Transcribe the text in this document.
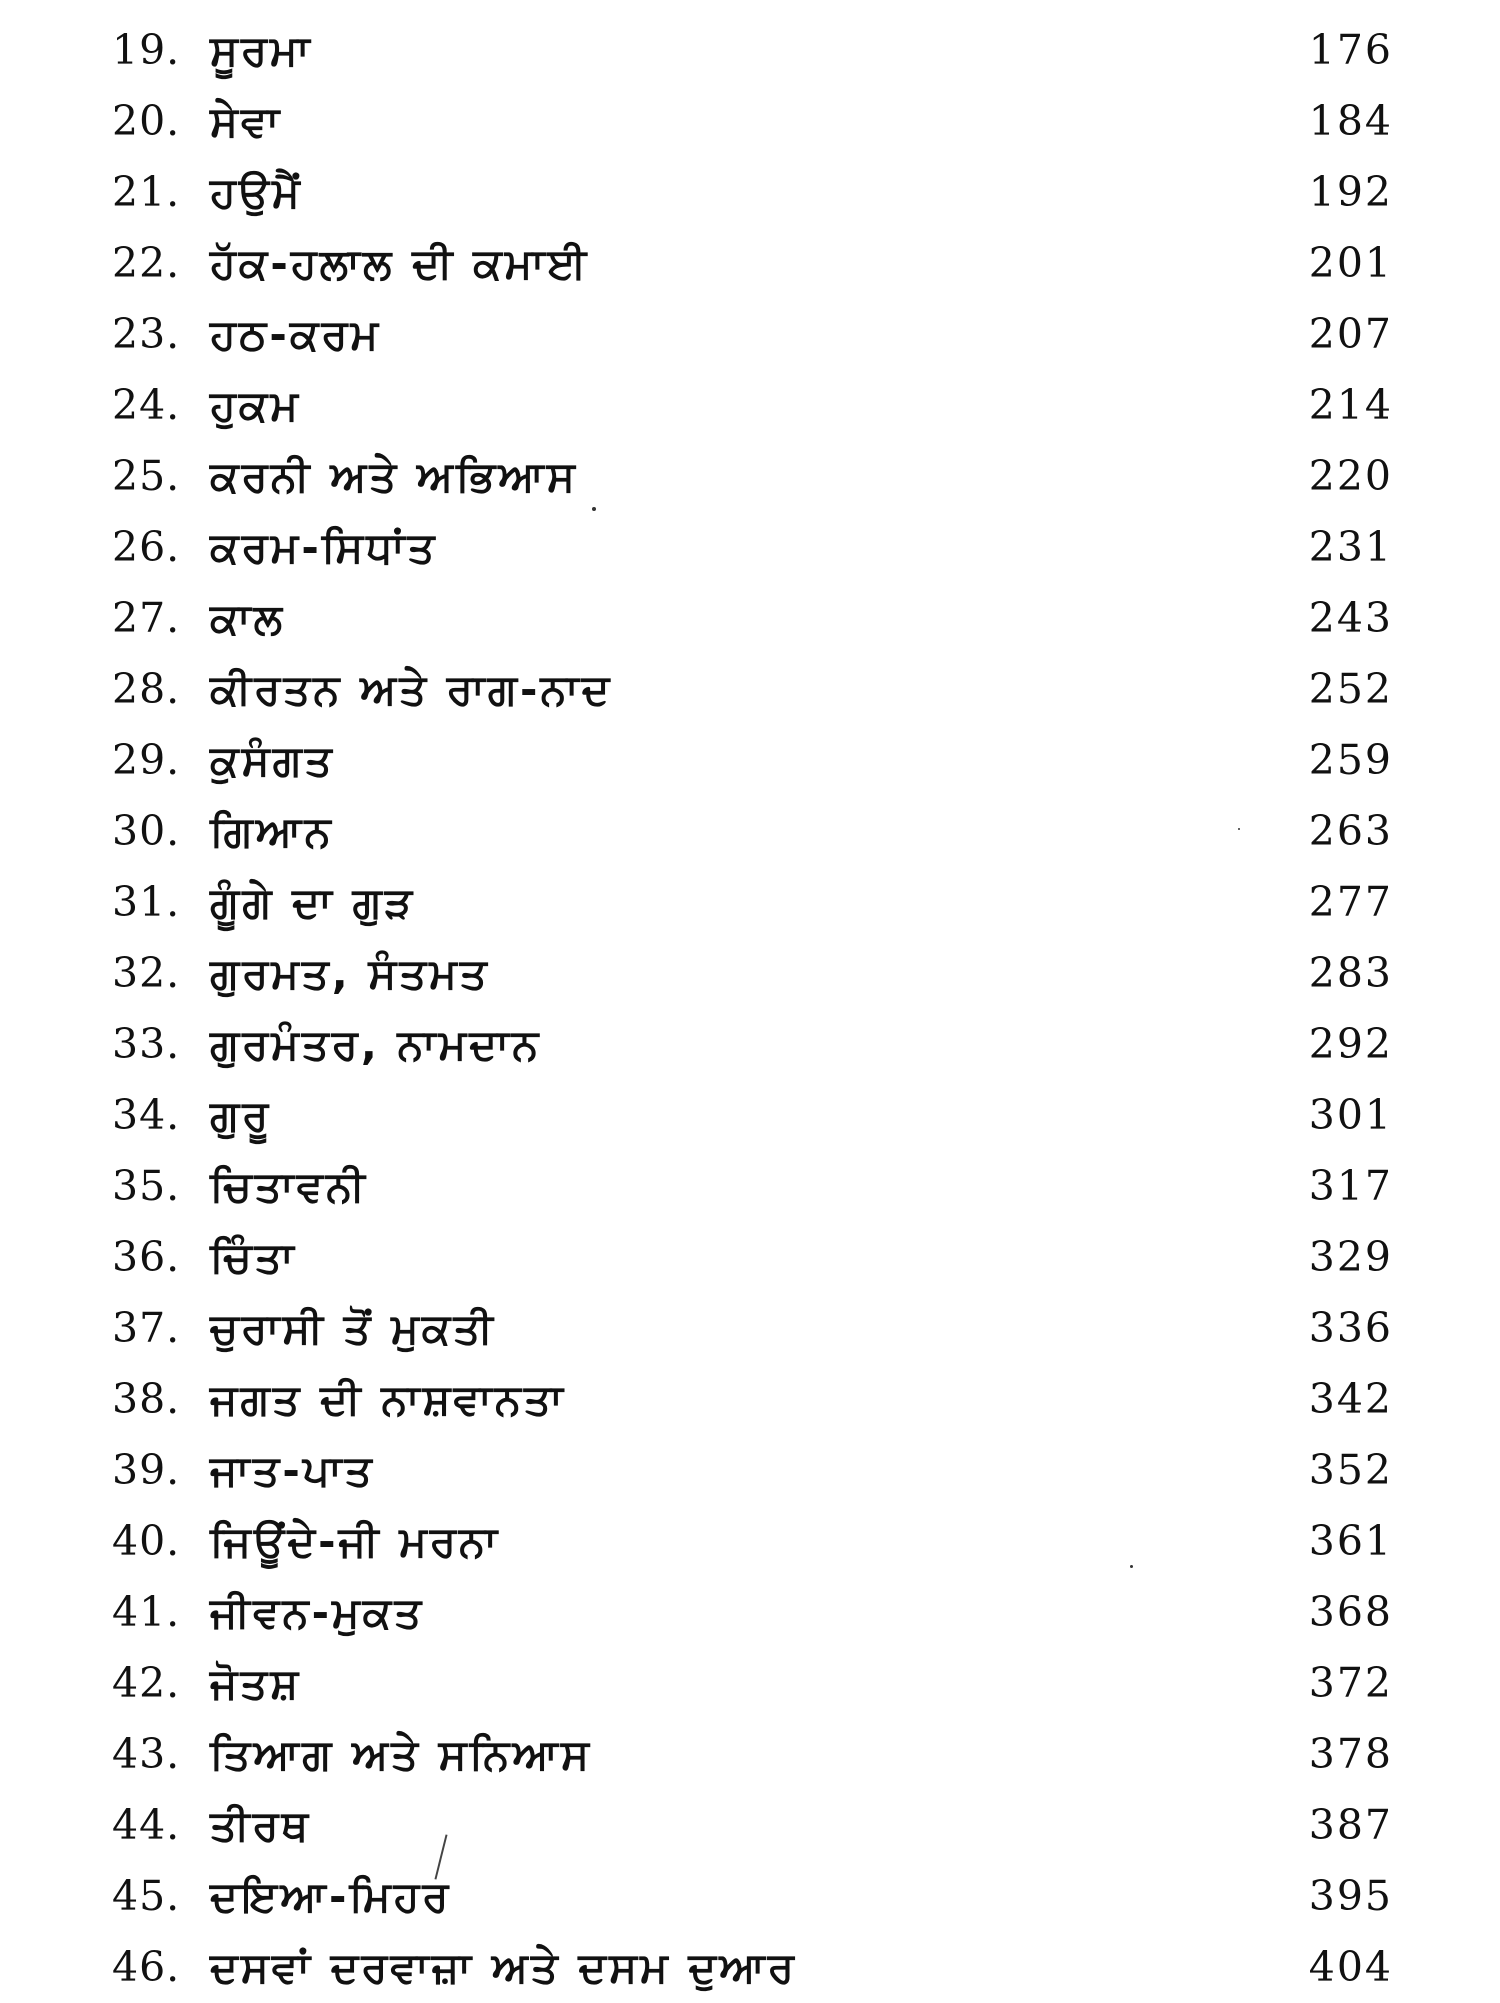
19. ਸੂਰਮਾ	176
20. ਸੇਵਾ	184
21. ਹਉਮੈਂ	192
22. ਹੱਕ-ਹਲਾਲ ਦੀ ਕਮਾਈ	201
23. ਹਠ-ਕਰਮ	207
24. ਹੁਕਮ	214
25. ਕਰਨੀ ਅਤੇ ਅਭਿਆਸ	220
26. ਕਰਮ-ਸਿਧਾਂਤ	231
27. ਕਾਲ	243
28. ਕੀਰਤਨ ਅਤੇ ਰਾਗ-ਨਾਦ	252
29. ਕੁਸੰਗਤ	259
30. ਗਿਆਨ	263
31. ਗੂੰਗੇ ਦਾ ਗੁੜ	277
32. ਗੁਰਮਤ, ਸੰਤਮਤ	283
33. ਗੁਰਮੰਤਰ, ਨਾਮਦਾਨ	292
34. ਗੁਰੂ	301
35. ਚਿਤਾਵਨੀ	317
36. ਚਿੰਤਾ	329
37. ਚੁਰਾਸੀ ਤੋਂ ਮੁਕਤੀ	336
38. ਜਗਤ ਦੀ ਨਾਸ਼ਵਾਨਤਾ	342
39. ਜਾਤ-ਪਾਤ	352
40. ਜਿਊਂਦੇ-ਜੀ ਮਰਨਾ	361
41. ਜੀਵਨ-ਮੁਕਤ	368
42. ਜੋਤਸ਼	372
43. ਤਿਆਗ ਅਤੇ ਸਨਿਆਸ	378
44. ਤੀਰਥ	387
45. ਦਇਆ-ਮਿਹਰ	395
46. ਦਸਵਾਂ ਦਰਵਾਜ਼ਾ ਅਤੇ ਦਸਮ ਦੁਆਰ	404
